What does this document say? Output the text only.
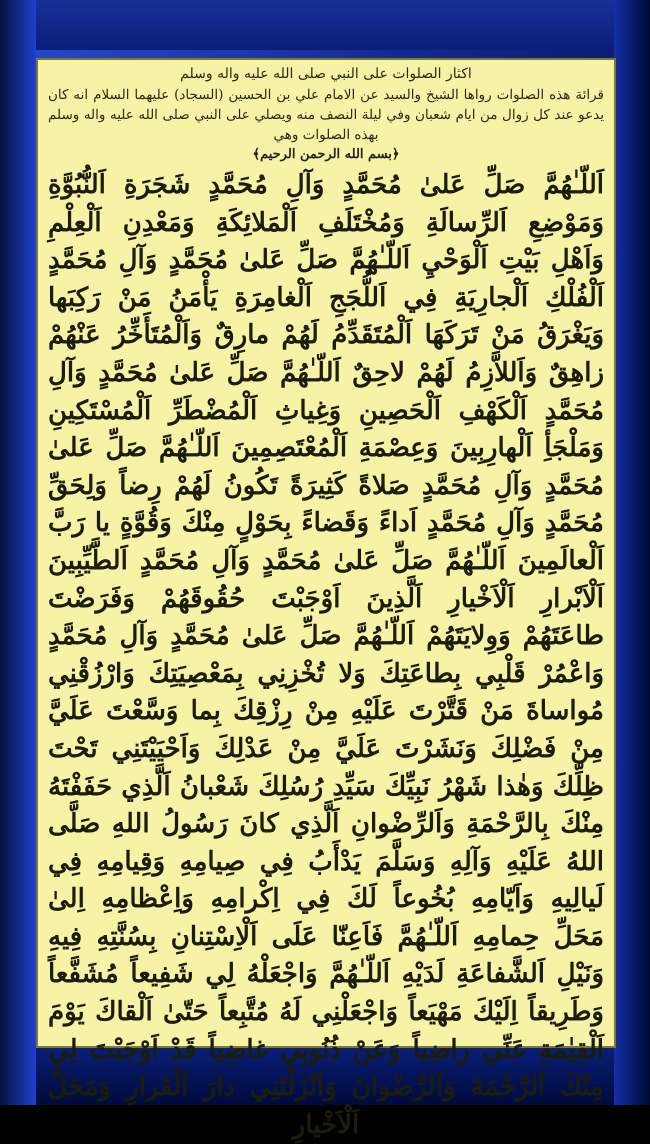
اكثار الصلوات على النبي صلى الله عليه واله وسلم

قرائة هذه الصلوات رواها الشيخ والسيد عن الامام علي بن الحسين (السجاد) عليهما السلام انه كان يدعو عند كل زوال من ايام شعبان وفي ليلة النصف منه ويصلي على النبي صلى الله عليه واله وسلم بهذه الصلوات وهي

﴿بسم الله الرحمن الرحيم﴾

اَللّـٰهُمَّ صَلِّ عَلىٰ مُحَمَّدٍ وَآلِ مُحَمَّدٍ شَجَرَةِ اَلنُّبُوَّةِ وَمَوْضِعِ اَلرِّسالَةِ وَمُخْتَلَفِ اَلْمَلائِكَةِ وَمَعْدِنِ اَلْعِلْمِ وَاَهْلِ بَيْتِ اَلْوَحْيِ اَللّـٰهُمَّ صَلِّ عَلىٰ مُحَمَّدٍ وَآلِ مُحَمَّدٍ اَلْفُلْكِ اَلْجارِيَةِ فِي اَللُّجَجِ اَلْغامِرَةِ يَأْمَنُ مَنْ رَكِبَها وَيَغْرَقُ مَنْ تَرَكَهَا اَلْمُتَقَدِّمُ لَهُمْ مارِقٌ وَاَلْمُتَأَخِّرُ عَنْهُمْ زاهِقٌ وَاَللاَّزِمُ لَهُمْ لاحِقٌ اَللّـٰهُمَّ صَلِّ عَلىٰ مُحَمَّدٍ وَآلِ مُحَمَّدٍ اَلْكَهْفِ اَلْحَصِينِ وَغِياثِ اَلْمُضْطَرِّ اَلْمُسْتَكِينِ وَمَلْجَأِ اَلْهارِبِينَ وَعِصْمَةِ اَلْمُعْتَصِمِينَ اَللّـٰهُمَّ صَلِّ عَلىٰ مُحَمَّدٍ وَآلِ مُحَمَّدٍ صَلاةً كَثِيرَةً تَكُونُ لَهُمْ رِضاً وَلِحَقِّ مُحَمَّدٍ وَآلِ مُحَمَّدٍ اَداءً وَقَضاءً بِحَوْلٍ مِنْكَ وَقُوَّةٍ يا رَبَّ اَلْعالَمِينَ اَللّـٰهُمَّ صَلِّ عَلىٰ مُحَمَّدٍ وَآلِ مُحَمَّدٍ اَلطَّيِّبِينَ اَلْاَبْرارِ اَلْاَخْيارِ اَلَّذِينَ اَوْجَبْتَ حُقُوقَهُمْ وَفَرَضْتَ طاعَتَهُمْ وَوِلايَتَهُمْ اَللّـٰهُمَّ صَلِّ عَلىٰ مُحَمَّدٍ وَآلِ مُحَمَّدٍ وَاعْمُرْ قَلْبِي بِطاعَتِكَ وَلا تُخْزِنِي بِمَعْصِيَتِكَ وَارْزُقْنِي مُواساةَ مَنْ قَتَّرْتَ عَلَيْهِ مِنْ رِزْقِكَ بِما وَسَّعْتَ عَلَيَّ مِنْ فَضْلِكَ وَنَشَرْتَ عَلَيَّ مِنْ عَدْلِكَ وَاَحْيَيْتَنِي تَحْتَ ظِلِّكَ وَهٰذا شَهْرُ نَبِيِّكَ سَيِّدِ رُسُلِكَ شَعْبانُ اَلَّذِي حَفَفْتَهُ مِنْكَ بِالرَّحْمَةِ وَاَلرِّضْوانِ اَلَّذِي كانَ رَسُولُ اللهِ صَلَّى اللهُ عَلَيْهِ وَآلِهِ وَسَلَّمَ يَدْأَبُ فِي صِيامِهِ وَقِيامِهِ فِي لَيالِيهِ وَاَيّامِهِ بُخُوعاً لَكَ فِي اِكْرامِهِ وَاِعْظامِهِ اِلىٰ مَحَلِّ حِمامِهِ اَللّـٰهُمَّ فَاَعِنّا عَلَى اَلْاِسْتِنانِ بِسُنَّتِهِ فِيهِ وَنَيْلِ اَلشَّفاعَةِ لَدَيْهِ اَللّـٰهُمَّ وَاجْعَلْهُ لِي شَفِيعاً مُشَفَّعاً وَطَرِيقاً اِلَيْكَ مَهْيَعاً وَاجْعَلْنِي لَهُ مُتَّبِعاً حَتّىٰ اَلْقاكَ يَوْمَ اَلْقِيٰمَةِ عَنِّي راضِياً وَعَنْ ذُنُوبِي غاضِياً قَدْ اَوْجَبْتَ لِي مِنْكَ اَلرَّحْمَةَ وَاَلرِّضْوانَ وَاَنْزَلْتَنِي دارَ اَلْقَرارِ وَمَحَلَّ اَلْاَخْيارِ
